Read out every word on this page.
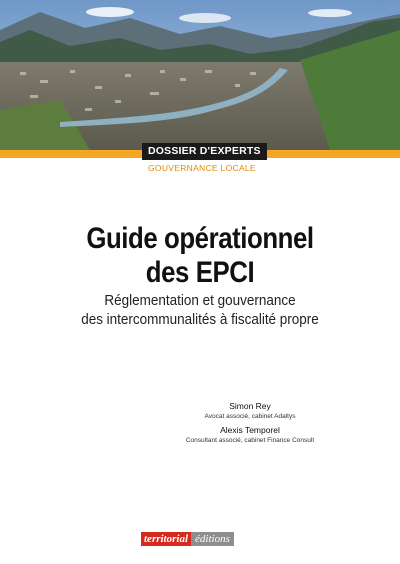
DOSSIER D'EXPERTS
GOUVERNANCE LOCALE
Guide opérationnel
des EPCI
Réglementation et gouvernance
des intercommunalités à fiscalité propre
Simon Rey
Avocat associé, cabinet Adaltys
Alexis Temporel
Consultant associé, cabinet Finance Consult
territorial éditions
